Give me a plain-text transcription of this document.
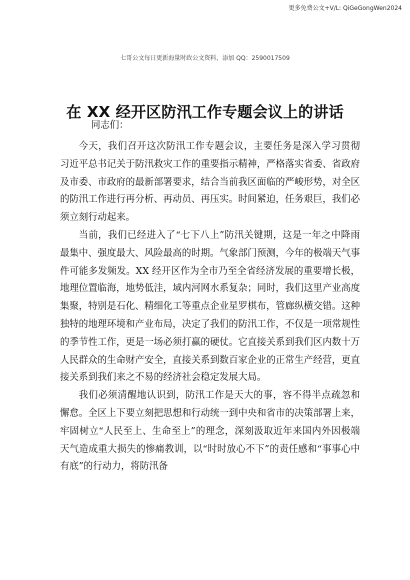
更多免费公文+V/L: QiGeGongWen2024
七哥公文每日更新海量时政公文资料，添加 QQ：2590017509
在 XX 经开区防汛工作专题会议上的讲话
同志们：

今天，我们召开这次防汛工作专题会议，主要任务是深入学习贯彻习近平总书记关于防汛救灾工作的重要指示精神，严格落实省委、省政府及市委、市政府的最新部署要求，结合当前我区面临的严峻形势，对全区的防汛工作进行再分析、再动员、再压实。时间紧迫，任务艰巨，我们必须立刻行动起来。

当前，我们已经进入了“七下八上”防汛关键期，这是一年之中降雨最集中、强度最大、风险最高的时期。气象部门预测，今年的极端天气事件可能多发频发。XX 经开区作为全市乃至全省经济发展的重要增长极，地理位置临海，地势低洼，域内河网水系复杂；同时，我们这里产业高度集聚，特别是石化、精细化工等重点企业星罗棋布，管廊纵横交错。这种独特的地理环境和产业布局，决定了我们的防汛工作，不仅是一项常规性的季节性工作，更是一场必须打赢的硬仗。它直接关系到我们区内数十万人民群众的生命财产安全，直接关系到数百家企业的正常生产经营，更直接关系到我们来之不易的经济社会稳定发展大局。

我们必须清醒地认识到，防汛工作是天大的事，容不得半点疏忽和懈怠。全区上下要立刻把思想和行动统一到中央和省市的决策部署上来，牢固树立“人民至上、生命至上”的理念，深刻汲取近年来国内外因极端天气造成重大损失的惨痛教训，以“时时放心不下”的责任感和“事事心中有底”的行动力，将防汛备
